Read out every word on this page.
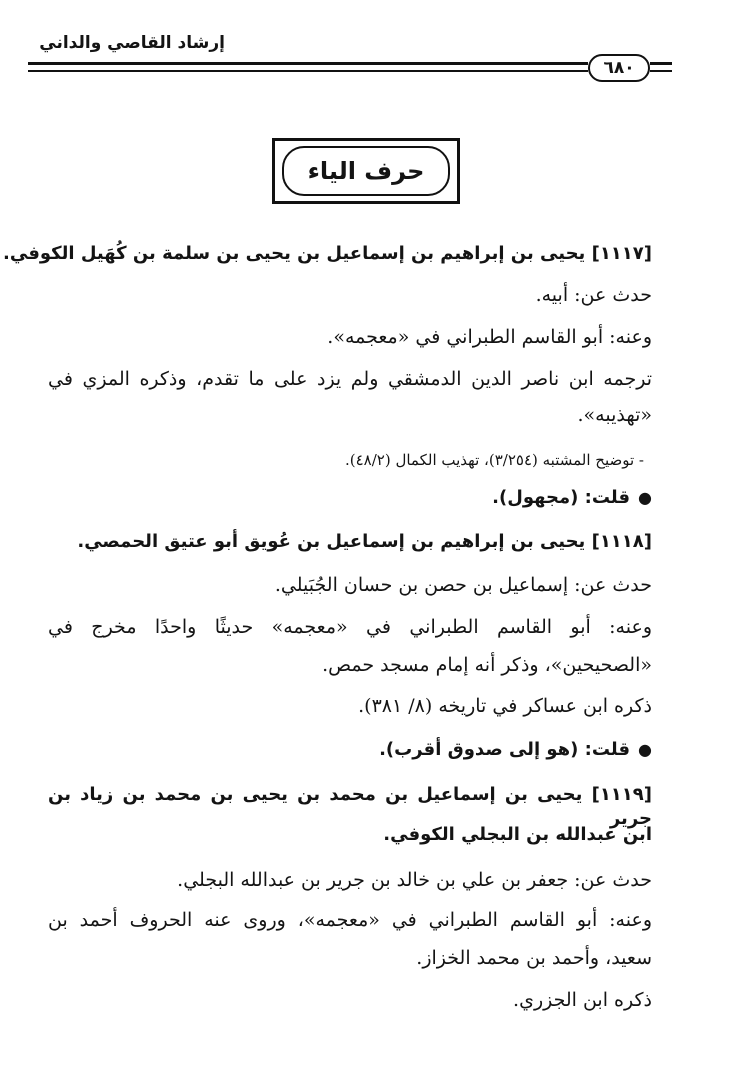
إرشاد القاصي والداني
٦٨٠
حرف الياء
[١١١٧] يحيى بن إبراهيم بن إسماعيل بن يحيى بن سلمة بن كُهَيل الكوفي.
حدث عن: أبيه.
وعنه: أبو القاسم الطبراني في «معجمه».
ترجمه ابن ناصر الدين الدمشقي ولم يزد على ما تقدم، وذكره المزي في
«تهذيبه».
- توضيح المشتبه (٣/٢٥٤)، تهذيب الكمال (٤٨/٢).
●قلت: (مجهول).
[١١١٨] يحيى بن إبراهيم بن إسماعيل بن عُويق أبو عتيق الحمصي.
حدث عن: إسماعيل بن حصن بن حسان الجُبَيلي.
وعنه: أبو القاسم الطبراني في «معجمه» حديثًا واحدًا مخرج في
«الصحيحين»، وذكر أنه إمام مسجد حمص.
ذكره ابن عساكر في تاريخه (٨/ ٣٨١).
●قلت: (هو إلى صدوق أقرب).
[١١١٩] يحيى بن إسماعيل بن محمد بن يحيى بن محمد بن زياد بن جرير
ابن عبدالله بن البجلي الكوفي.
حدث عن: جعفر بن علي بن خالد بن جرير بن عبدالله البجلي.
وعنه: أبو القاسم الطبراني في «معجمه»، وروى عنه الحروف أحمد بن
سعيد، وأحمد بن محمد الخزاز.
ذكره ابن الجزري.
